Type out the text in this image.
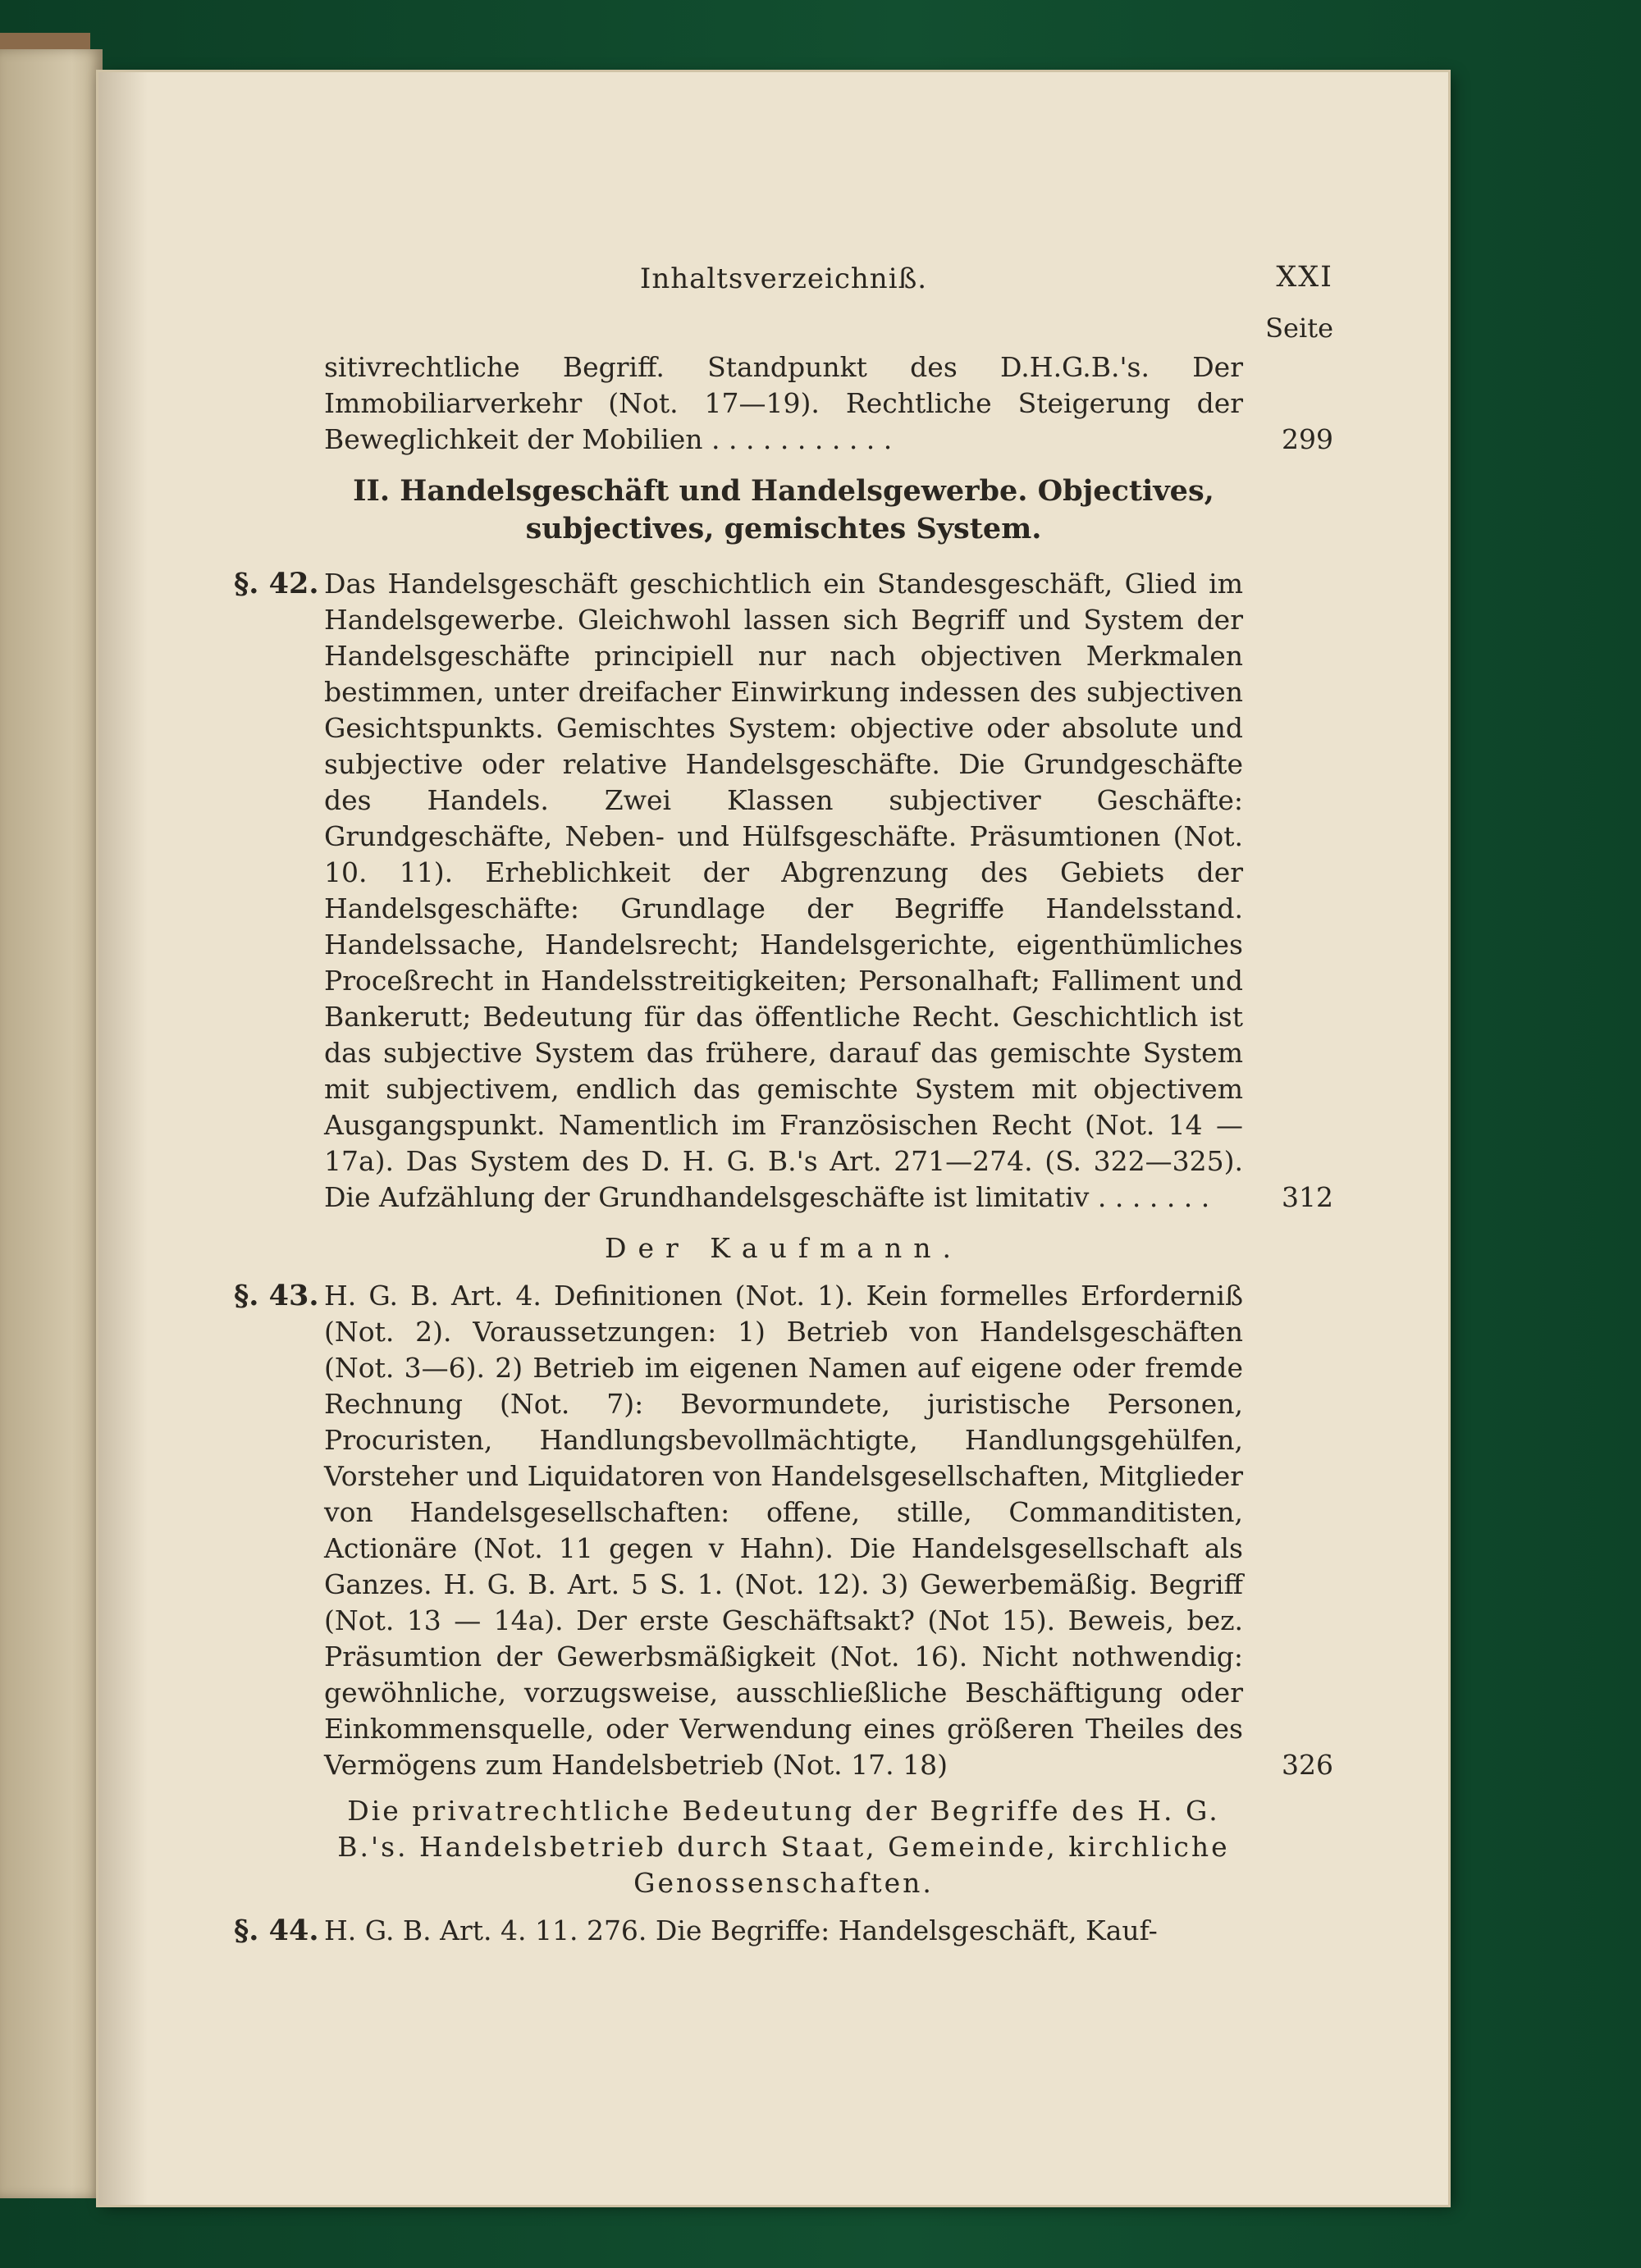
Inhaltsverzeichniß.	XXI
Seite
sitivrechtliche Begriff. Standpunkt des D.H.G.B.'s. Der Immobiliarverkehr (Not. 17—19). Rechtliche Steigerung der Beweglichkeit der Mobilien . . . . . . . . . . .	299
II. Handelsgeschäft und Handelsgewerbe. Objectives, subjectives, gemischtes System.
§. 42. Das Handelsgeschäft geschichtlich ein Standesgeschäft, Glied im Handelsgewerbe. Gleichwohl lassen sich Begriff und System der Handelsgeschäfte principiell nur nach objectiven Merkmalen bestimmen, unter dreifacher Einwirkung indessen des subjectiven Gesichtspunkts. Gemischtes System: objective oder absolute und subjective oder relative Handelsgeschäfte. Die Grundgeschäfte des Handels. Zwei Klassen subjectiver Geschäfte: Grundgeschäfte, Neben- und Hülfsgeschäfte. Präsumtionen (Not. 10. 11). Erheblichkeit der Abgrenzung des Gebiets der Handelsgeschäfte: Grundlage der Begriffe Handelsstand. Handelssache, Handelsrecht; Handelsgerichte, eigenthümliches Proceßrecht in Handelsstreitigkeiten; Personalhaft; Falliment und Bankerutt; Bedeutung für das öffentliche Recht. Geschichtlich ist das subjective System das frühere, darauf das gemischte System mit subjectivem, endlich das gemischte System mit objectivem Ausgangspunkt. Namentlich im Französischen Recht (Not. 14 — 17a). Das System des D. H. G. B.'s Art. 271—274. (S. 322—325). Die Aufzählung der Grundhandelsgeschäfte ist limitativ . . . . . . .	312
Der Kaufmann.
§. 43. H. G. B. Art. 4. Definitionen (Not. 1). Kein formelles Erforderniß (Not. 2). Voraussetzungen: 1) Betrieb von Handelsgeschäften (Not. 3—6). 2) Betrieb im eigenen Namen auf eigene oder fremde Rechnung (Not. 7): Bevormundete, juristische Personen, Procuristen, Handlungsbevollmächtigte, Handlungsgehülfen, Vorsteher und Liquidatoren von Handelsgesellschaften, Mitglieder von Handelsgesellschaften: offene, stille, Commanditisten, Actionäre (Not. 11 gegen v Hahn). Die Handelsgesellschaft als Ganzes. H. G. B. Art. 5 S. 1. (Not. 12). 3) Gewerbemäßig. Begriff (Not. 13 — 14a). Der erste Geschäftsakt? (Not 15). Beweis, bez. Präsumtion der Gewerbsmäßigkeit (Not. 16). Nicht nothwendig: gewöhnliche, vorzugsweise, ausschließliche Beschäftigung oder Einkommensquelle, oder Verwendung eines größeren Theiles des Vermögens zum Handelsbetrieb (Not. 17. 18)	326
Die privatrechtliche Bedeutung der Begriffe des H. G. B.'s. Handelsbetrieb durch Staat, Gemeinde, kirchliche Genossenschaften.
§. 44. H. G. B. Art. 4. 11. 276. Die Begriffe: Handelsgeschäft, Kauf-
